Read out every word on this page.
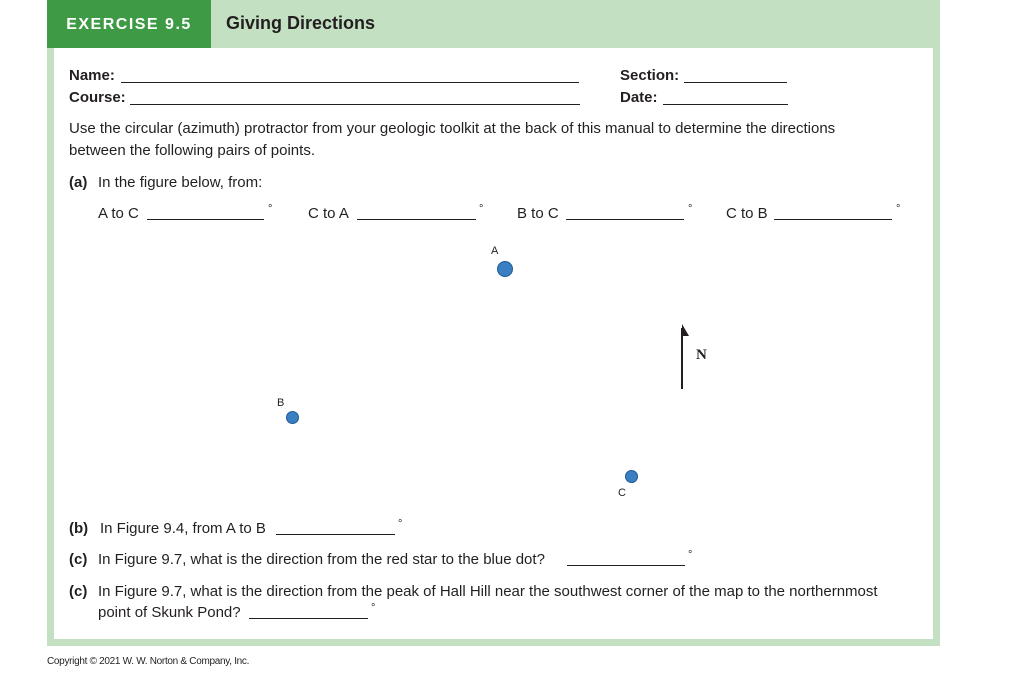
EXERCISE 9.5	Giving Directions
Name:
Course:
Section:
Date:
Use the circular (azimuth) protractor from your geologic toolkit at the back of this manual to determine the directions
between the following pairs of points.
(a) In the figure below, from:
A to C	° C to A	° B to C	° C to B	°
A
B
C
N
(b) In Figure 9.4, from A to B	°
(c) In Figure 9.7, what is the direction from the red star to the blue dot?	°
(c) In Figure 9.7, what is the direction from the peak of Hall Hill near the southwest corner of the map to the northernmost
point of Skunk Pond?	°
Copyright © 2021 W. W. Norton & Company, Inc.
